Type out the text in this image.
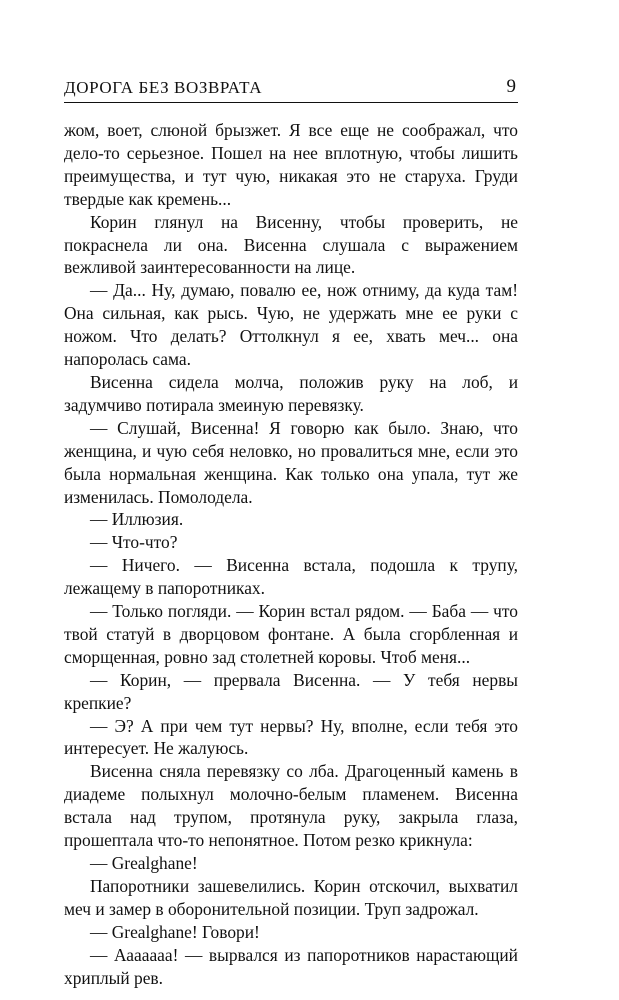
ДОРОГА БЕЗ ВОЗВРАТА	9

жом, воет, слюной брызжет. Я все еще не соображал, что дело-то серьезное. Пошел на нее вплотную, чтобы лишить преимущества, и тут чую, никакая это не старуха. Груди твердые как кремень...

Корин глянул на Висенну, чтобы проверить, не покраснела ли она. Висенна слушала с выражением вежливой заинтересованности на лице.

— Да... Ну, думаю, повалю ее, нож отниму, да куда там! Она сильная, как рысь. Чую, не удержать мне ее руки с ножом. Что делать? Оттолкнул я ее, хвать меч... она напоролась сама.

Висенна сидела молча, положив руку на лоб, и задумчиво потирала змеиную перевязку.

— Слушай, Висенна! Я говорю как было. Знаю, что женщина, и чую себя неловко, но провалиться мне, если это была нормальная женщина. Как только она упала, тут же изменилась. Помолодела.

— Иллюзия.

— Что-что?

— Ничего. — Висенна встала, подошла к трупу, лежащему в папоротниках.

— Только погляди. — Корин встал рядом. — Баба — что твой статуй в дворцовом фонтане. А была сгорбленная и сморщенная, ровно зад столетней коровы. Чтоб меня...

— Корин, — прервала Висенна. — У тебя нервы крепкие?

— Э? А при чем тут нервы? Ну, вполне, если тебя это интересует. Не жалуюсь.

Висенна сняла перевязку со лба. Драгоценный камень в диадеме полыхнул молочно-белым пламенем. Висенна встала над трупом, протянула руку, закрыла глаза, прошептала что-то непонятное. Потом резко крикнула:

— Grealghane!

Папоротники зашевелились. Корин отскочил, выхватил меч и замер в оборонительной позиции. Труп задрожал.

— Grealghane! Говори!

— Ааааааа! — вырвался из папоротников нарастающий хриплый рев.
